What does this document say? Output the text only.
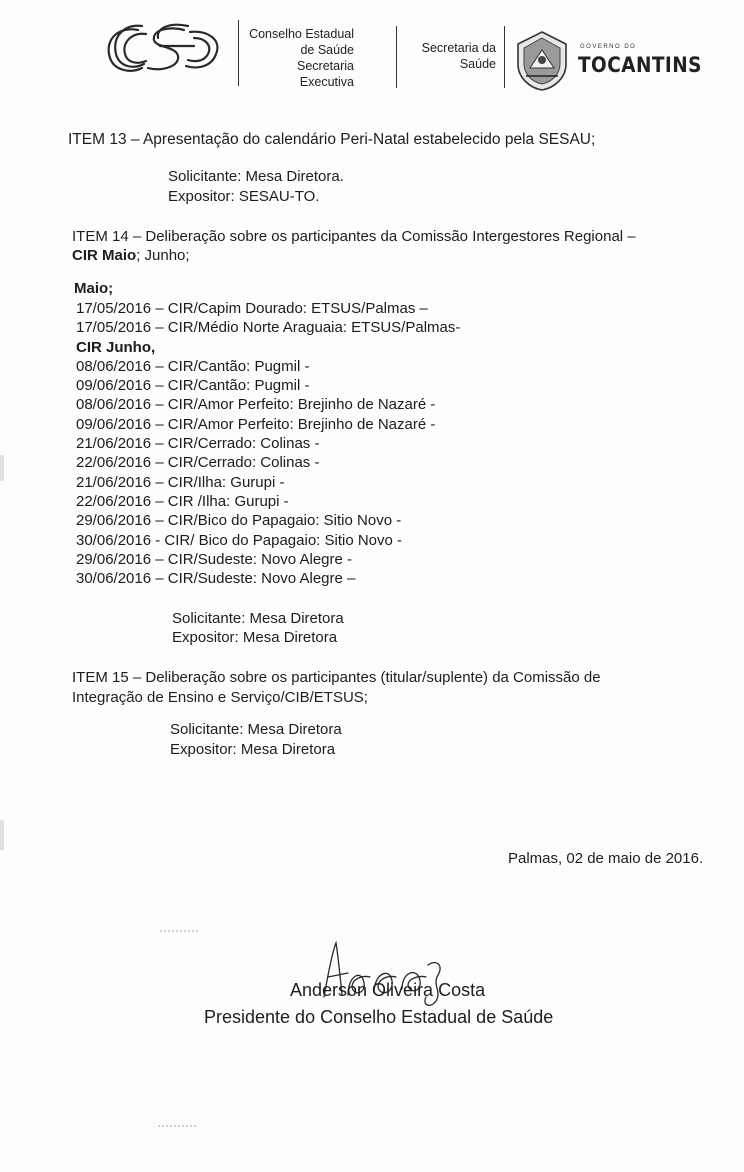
CES
Conselho Estadual
de Saúde
Secretaria Executiva
Secretaria da
Saúde
GOVERNO DO
TOCANTINS
ITEM 13 – Apresentação do calendário Peri-Natal estabelecido pela SESAU;
Solicitante: Mesa Diretora.
Expositor: SESAU-TO.
ITEM 14 – Deliberação sobre os participantes da Comissão Intergestores Regional –
CIR Maio; Junho;
Maio;
17/05/2016 – CIR/Capim Dourado: ETSUS/Palmas –
17/05/2016 – CIR/Médio Norte Araguaia: ETSUS/Palmas-
CIR Junho,
08/06/2016 – CIR/Cantão: Pugmil -
09/06/2016 – CIR/Cantão: Pugmil -
08/06/2016 – CIR/Amor Perfeito: Brejinho de Nazaré -
09/06/2016 – CIR/Amor Perfeito: Brejinho de Nazaré -
21/06/2016 – CIR/Cerrado: Colinas -
22/06/2016 – CIR/Cerrado: Colinas -
21/06/2016 – CIR/Ilha: Gurupi -
22/06/2016 – CIR /Ilha: Gurupi -
29/06/2016 – CIR/Bico do Papagaio: Sitio Novo -
30/06/2016 - CIR/ Bico do Papagaio: Sitio Novo -
29/06/2016 – CIR/Sudeste: Novo Alegre -
30/06/2016 – CIR/Sudeste: Novo Alegre –
Solicitante: Mesa Diretora
Expositor: Mesa Diretora
ITEM 15 – Deliberação sobre os participantes (titular/suplente) da Comissão de
Integração de Ensino e Serviço/CIB/ETSUS;
Solicitante: Mesa Diretora
Expositor: Mesa Diretora
Palmas, 02 de maio de 2016.
Anderson Oliveira Costa
Presidente do Conselho Estadual de Saúde
